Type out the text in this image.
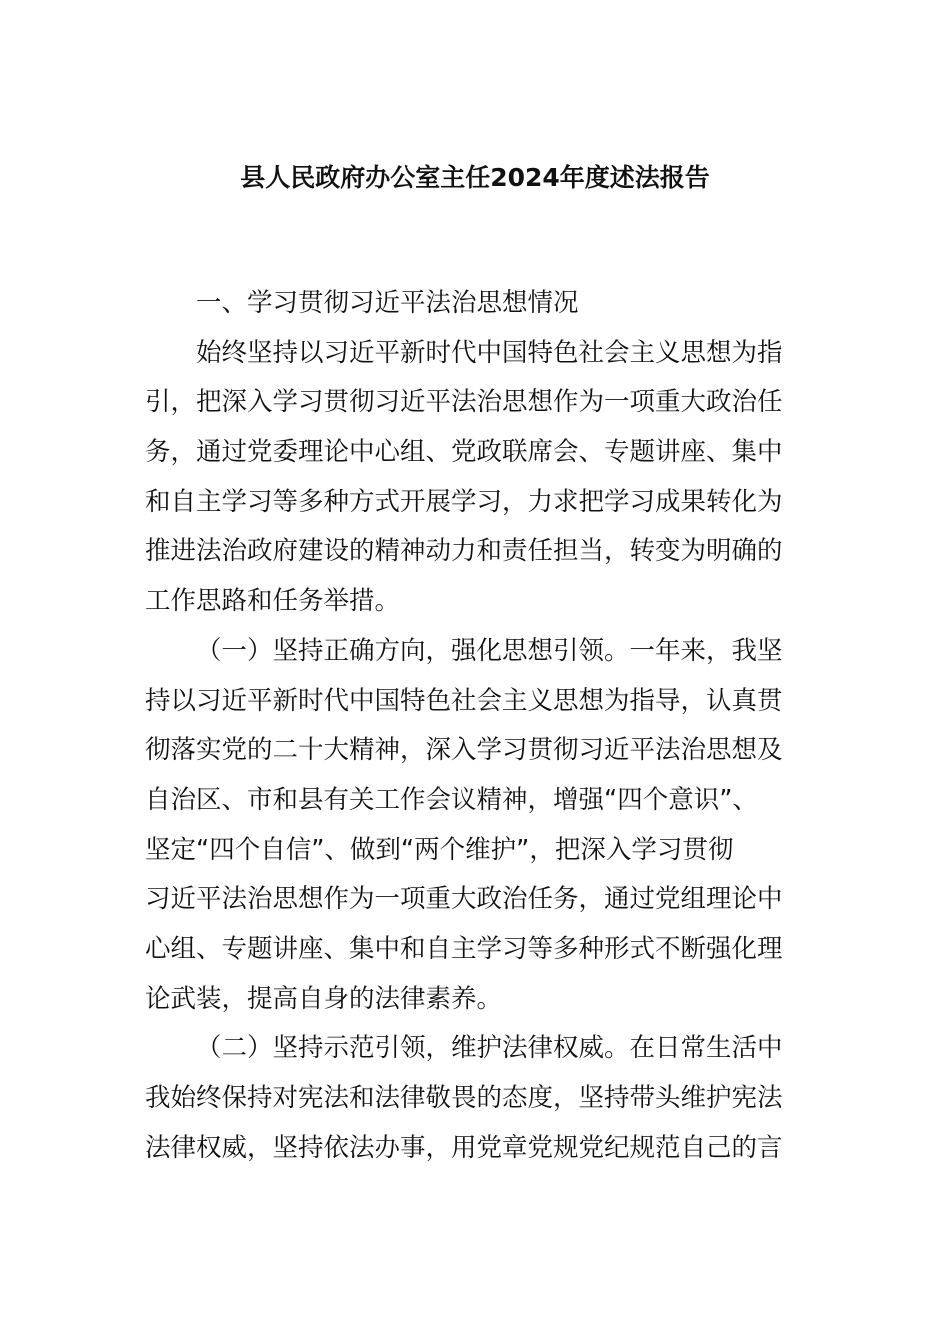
县人民政府办公室主任2024年度述法报告
一、学习贯彻习近平法治思想情况
始终坚持以习近平新时代中国特色社会主义思想为指
引，把深入学习贯彻习近平法治思想作为一项重大政治任
务，通过党委理论中心组、党政联席会、专题讲座、集中
和自主学习等多种方式开展学习，力求把学习成果转化为
推进法治政府建设的精神动力和责任担当，转变为明确的
工作思路和任务举措。
（一）坚持正确方向，强化思想引领。一年来，我坚
持以习近平新时代中国特色社会主义思想为指导，认真贯
彻落实党的二十大精神，深入学习贯彻习近平法治思想及
自治区、市和县有关工作会议精神，增强“四个意识”、
坚定“四个自信”、做到“两个维护”，把深入学习贯彻
习近平法治思想作为一项重大政治任务，通过党组理论中
心组、专题讲座、集中和自主学习等多种形式不断强化理
论武装，提高自身的法律素养。
（二）坚持示范引领，维护法律权威。在日常生活中
我始终保持对宪法和法律敬畏的态度，坚持带头维护宪法
法律权威，坚持依法办事，用党章党规党纪规范自己的言
